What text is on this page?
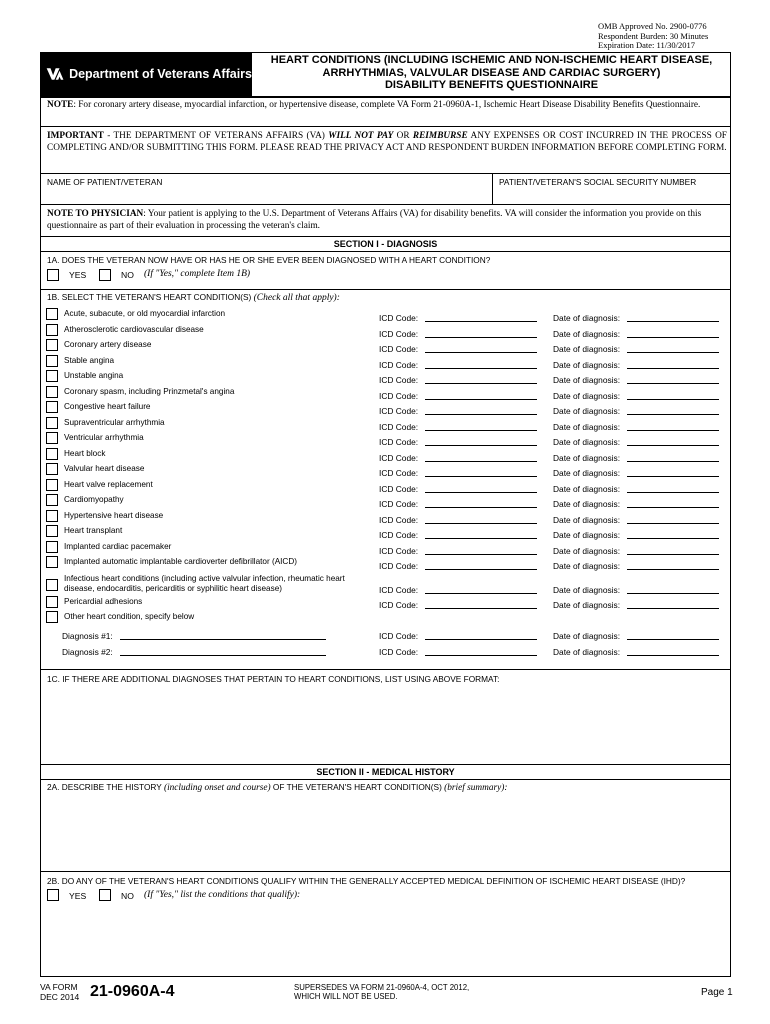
OMB Approved No. 2900-0776
Respondent Burden: 30 Minutes
Expiration Date: 11/30/2017
Department of Veterans Affairs
HEART CONDITIONS (INCLUDING ISCHEMIC AND NON-ISCHEMIC HEART DISEASE,
ARRHYTHMIAS, VALVULAR DISEASE AND CARDIAC SURGERY)
DISABILITY BENEFITS QUESTIONNAIRE
NOTE: For coronary artery disease, myocardial infarction, or hypertensive disease, complete VA Form 21-0960A-1, Ischemic Heart Disease Disability Benefits Questionnaire.
IMPORTANT - THE DEPARTMENT OF VETERANS AFFAIRS (VA) WILL NOT PAY OR REIMBURSE ANY EXPENSES OR COST INCURRED IN THE PROCESS OF COMPLETING AND/OR SUBMITTING THIS FORM. PLEASE READ THE PRIVACY ACT AND RESPONDENT BURDEN INFORMATION BEFORE COMPLETING FORM.
NAME OF PATIENT/VETERAN	PATIENT/VETERAN'S SOCIAL SECURITY NUMBER
NOTE TO PHYSICIAN: Your patient is applying to the U.S. Department of Veterans Affairs (VA) for disability benefits. VA will consider the information you provide on this questionnaire as part of their evaluation in processing the veteran's claim.
SECTION I - DIAGNOSIS
1A. DOES THE VETERAN NOW HAVE OR HAS HE OR SHE EVER BEEN DIAGNOSED WITH A HEART CONDITION?
YES	NO (If "Yes," complete Item 1B)
1B. SELECT THE VETERAN'S HEART CONDITION(S) (Check all that apply):
Acute, subacute, or old myocardial infarction	ICD Code:	Date of diagnosis:
Atherosclerotic cardiovascular disease	ICD Code:	Date of diagnosis:
Coronary artery disease	ICD Code:	Date of diagnosis:
Stable angina	ICD Code:	Date of diagnosis:
Unstable angina	ICD Code:	Date of diagnosis:
Coronary spasm, including Prinzmetal's angina	ICD Code:	Date of diagnosis:
Congestive heart failure	ICD Code:	Date of diagnosis:
Supraventricular arrhythmia	ICD Code:	Date of diagnosis:
Ventricular arrhythmia	ICD Code:	Date of diagnosis:
Heart block	ICD Code:	Date of diagnosis:
Valvular heart disease	ICD Code:	Date of diagnosis:
Heart valve replacement	ICD Code:	Date of diagnosis:
Cardiomyopathy	ICD Code:	Date of diagnosis:
Hypertensive heart disease	ICD Code:	Date of diagnosis:
Heart transplant	ICD Code:	Date of diagnosis:
Implanted cardiac pacemaker	ICD Code:	Date of diagnosis:
Implanted automatic implantable cardioverter defibrillator (AICD)	ICD Code:	Date of diagnosis:
Infectious heart conditions (including active valvular infection, rheumatic heart
disease, endocarditis, pericarditis or syphilitic heart disease)	ICD Code:	Date of diagnosis:
Pericardial adhesions	ICD Code:	Date of diagnosis:
Other heart condition, specify below
Diagnosis #1:	ICD Code:	Date of diagnosis:
Diagnosis #2:	ICD Code:	Date of diagnosis:
1C. IF THERE ARE ADDITIONAL DIAGNOSES THAT PERTAIN TO HEART CONDITIONS, LIST USING ABOVE FORMAT:
SECTION II - MEDICAL HISTORY
2A. DESCRIBE THE HISTORY (including onset and course) OF THE VETERAN'S HEART CONDITION(S) (brief summary):
2B. DO ANY OF THE VETERAN'S HEART CONDITIONS QUALIFY WITHIN THE GENERALLY ACCEPTED MEDICAL DEFINITION OF ISCHEMIC HEART DISEASE (IHD)?
YES	NO (If "Yes," list the conditions that qualify):
VA FORM
DEC 2014 21-0960A-4	SUPERSEDES VA FORM 21-0960A-4, OCT 2012,
WHICH WILL NOT BE USED.	Page 1
